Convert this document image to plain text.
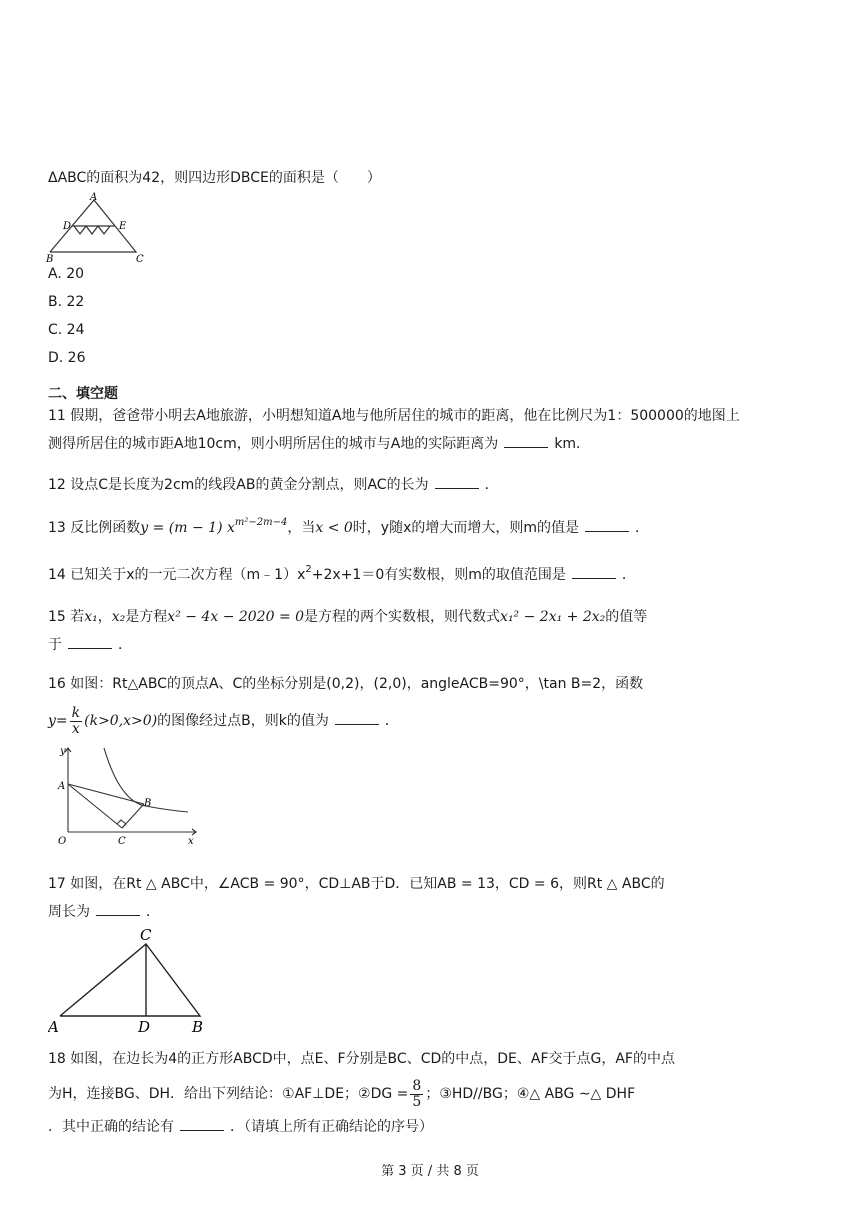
ΔABC的面积为42，则四边形DBCE的面积是（　　）
A
D	E
B	C
A. 20
B. 22
C. 24
D. 26
二、填空题
11 假期，爸爸带小明去A地旅游，小明想知道A地与他所居住的城市的距离，他在比例尺为1：500000的地图上
测得所居住的城市距A地10cm，则小明所居住的城市与A地的实际距离为	km．
12 设点C是长度为2cm的线段AB的黄金分割点，则AC的长为	．
13 反比例函数y = (m − 1) $x^{m^2-2m-4}$，当x < 0时，y随x的增大而增大，则m的值是	．
14 已知关于x的一元二次方程$(m﹣1)x^2+2x+1=0$有实数根，则m的取值范围是	．
15 若x₁，x₂是方程x² − 4x − 2020 = 0是方程的两个实数根，则代数式x₁² − 2x₁ + 2x₂的值等
于	．
16 如图：Rt△ABC的顶点A、C的坐标分别是(0,2)，(2,0)，angleACB=90°，\tan B=2，函数
$y= \frac{k}{x} (k>0,x>0)$的图像经过点B，则k的值为	．
y
A
B
O	C	x
17 如图，在Rt △ ABC中，∠ACB = 90°，CD⊥AB于D．已知AB = 13，CD = 6，则Rt △ ABC的
周长为	．
C
A	D	B
18 如图，在边长为4的正方形ABCD中，点E、F分别是BC、CD的中点，DE、AF交于点G，AF的中点
为H，连接BG、DH．给出下列结论：①AF⊥DE；②DG = $\frac{8}{5}$ ；③HD//BG；④△ ABG ∼△ DHF
．其中正确的结论有	．（请填上所有正确结论的序号）
第 3 页 / 共 8 页
